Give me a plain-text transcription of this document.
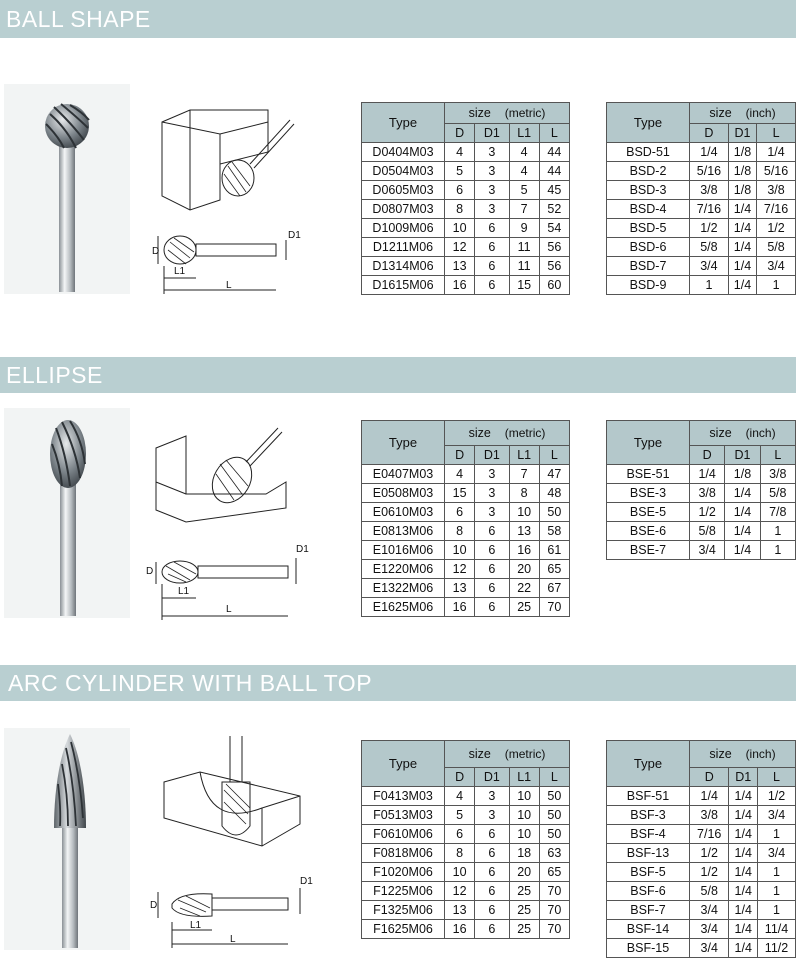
BALL SHAPE
D
D1
L1
L
Type	size (metric)			
	D	D1	L1	L
D0404M03	4	3	4	44
D0504M03	5	3	4	44
D0605M03	6	3	5	45
D0807M03	8	3	7	52
D1009M06	10	6	9	54
D1211M06	12	6	11	56
D1314M06	13	6	11	56
D1615M06	16	6	15	60
Type	size (inch)		
	D	D1	L
BSD-51	1/4	1/8	1/4
BSD-2	5/16	1/8	5/16
BSD-3	3/8	1/8	3/8
BSD-4	7/16	1/4	7/16
BSD-5	1/2	1/4	1/2
BSD-6	5/8	1/4	5/8
BSD-7	3/4	1/4	3/4
BSD-9	1	1/4	1
ELLIPSE
D
D1
L1
L
Type	size (metric)			
	D	D1	L1	L
E0407M03	4	3	7	47
E0508M03	15	3	8	48
E0610M03	6	3	10	50
E0813M06	8	6	13	58
E1016M06	10	6	16	61
E1220M06	12	6	20	65
E1322M06	13	6	22	67
E1625M06	16	6	25	70
Type	size (inch)		
	D	D1	L
BSE-51	1/4	1/8	3/8
BSE-3	3/8	1/4	5/8
BSE-5	1/2	1/4	7/8
BSE-6	5/8	1/4	1
BSE-7	3/4	1/4	1
ARC CYLINDER WITH BALL TOP
D
D1
L1
L
Type	size (metric)			
	D	D1	L1	L
F0413M03	4	3	10	50
F0513M03	5	3	10	50
F0610M06	6	6	10	50
F0818M06	8	6	18	63
F1020M06	10	6	20	65
F1225M06	12	6	25	70
F1325M06	13	6	25	70
F1625M06	16	6	25	70
Type	size (inch)		
	D	D1	L
BSF-51	1/4	1/4	1/2
BSF-3	3/8	1/4	3/4
BSF-4	7/16	1/4	1
BSF-13	1/2	1/4	3/4
BSF-5	1/2	1/4	1
BSF-6	5/8	1/4	1
BSF-7	3/4	1/4	1
BSF-14	3/4	1/4	11/4
BSF-15	3/4	1/4	11/2
